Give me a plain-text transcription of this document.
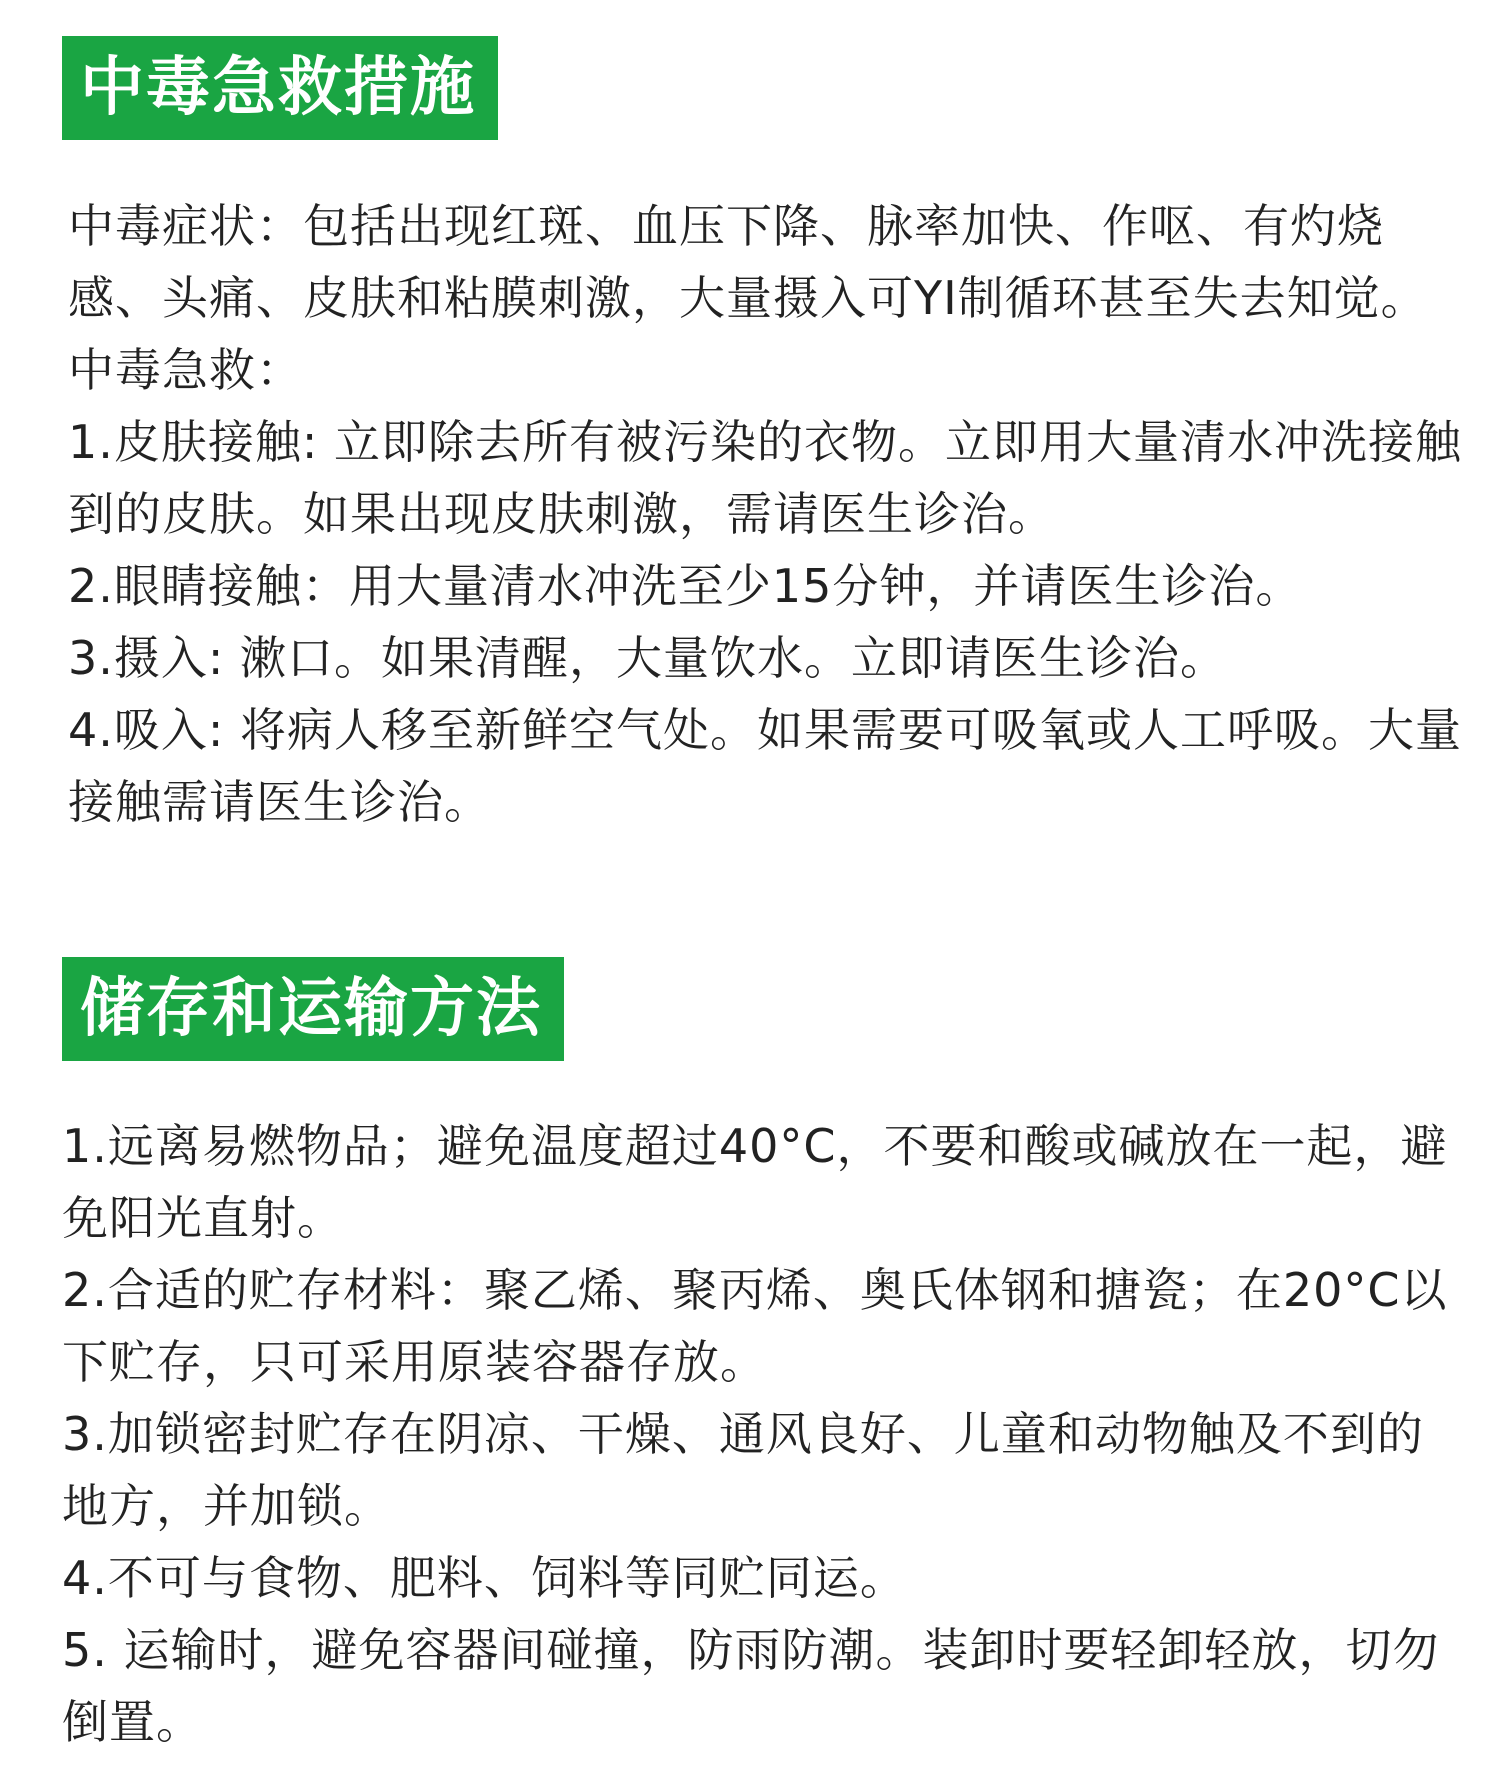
中毒急救措施

中毒症状：包括出现红斑、血压下降、脉率加快、作呕、有灼烧感、头痛、皮肤和粘膜刺激，大量摄入可YI制循环甚至失去知觉。

中毒急救：

1.皮肤接触: 立即除去所有被污染的衣物。立即用大量清水冲洗接触到的皮肤。如果出现皮肤刺激，需请医生诊治。

2.眼睛接触：用大量清水冲洗至少15分钟，并请医生诊治。

3.摄入: 漱口。如果清醒，大量饮水。立即请医生诊治。

4.吸入: 将病人移至新鲜空气处。如果需要可吸氧或人工呼吸。大量接触需请医生诊治。

储存和运输方法

1.远离易燃物品；避免温度超过40°C，不要和酸或碱放在一起，避免阳光直射。

2.合适的贮存材料：聚乙烯、聚丙烯、奥氏体钢和搪瓷；在20°C以下贮存，只可采用原装容器存放。

3.加锁密封贮存在阴凉、干燥、通风良好、儿童和动物触及不到的地方，并加锁。

4.不可与食物、肥料、饲料等同贮同运。

5. 运输时，避免容器间碰撞，防雨防潮。装卸时要轻卸轻放，切勿倒置。
